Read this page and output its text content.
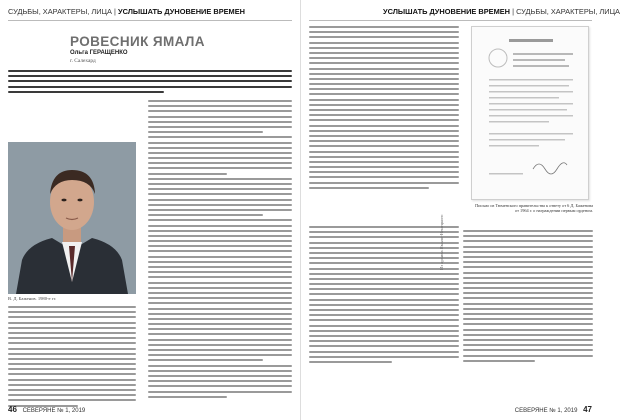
СУДЬБЫ, ХАРАКТЕРЫ, ЛИЦА | УСЛЫШАТЬ ДУНОВЕНИЕ ВРЕМЕН
РОВЕСНИК ЯМАЛА
Ольга ГЕРАЩЕНКО
г. Салехард
В. Д. Баженов. 1980-е гг.
46 СЕВЕРЯНЕ № 1, 2019
УСЛЫШАТЬ ДУНОВЕНИЕ ВРЕМЕН | СУДЬБЫ, ХАРАКТЕРЫ, ЛИЦА
Письмо из Тюменского правительства к ответу от 6 Д. Баженова от 1964 г. о награждении первым орденом.
Из архива Ямало-Ненецкого
СЕВЕРЯНЕ № 1, 2019 47
